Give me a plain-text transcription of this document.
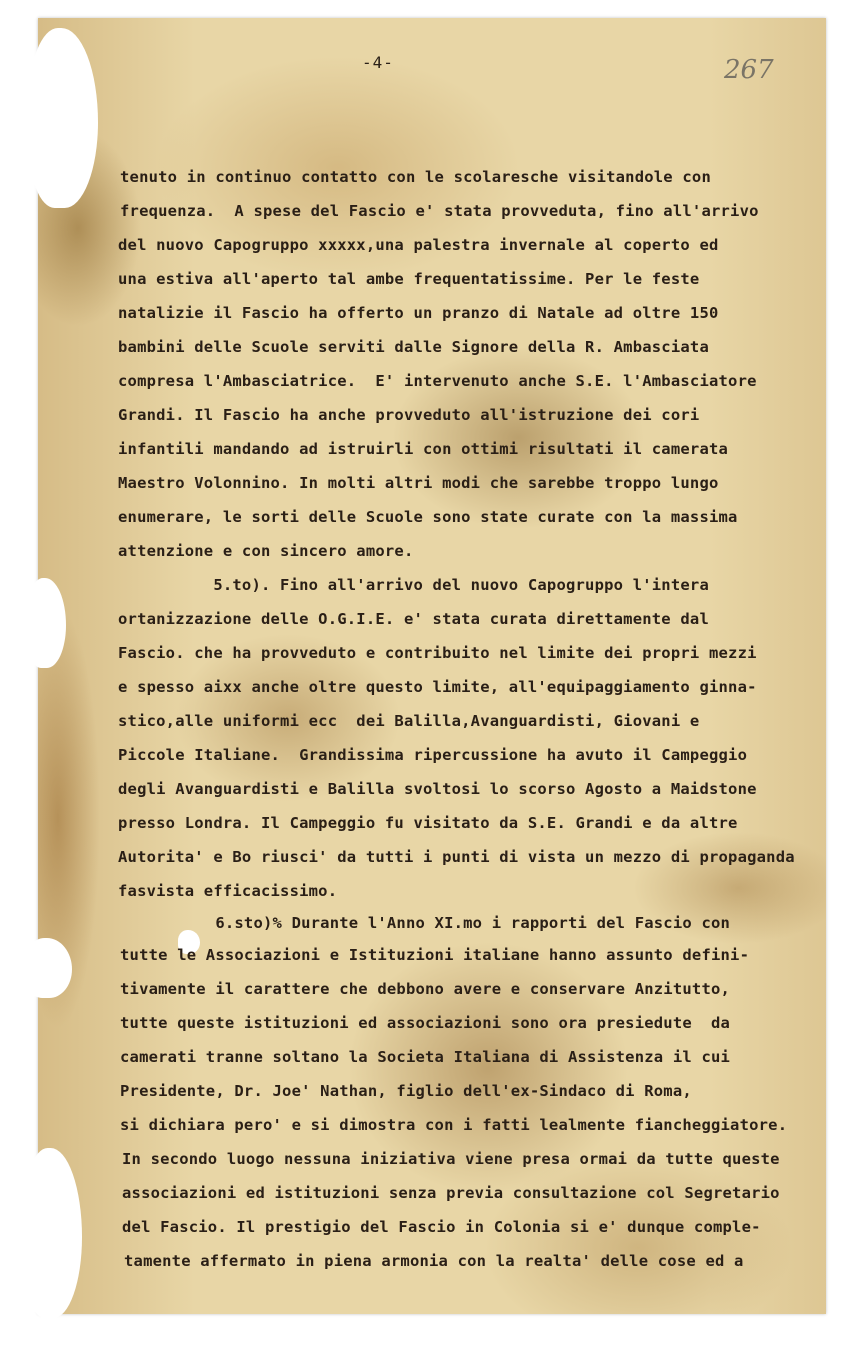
-4-	267
tenuto in continuo contatto con le scolaresche visitandole con
frequenza.  A spese del Fascio e' stata provveduta, fino all'arrivo
del nuovo Capogruppo xxxxx,una palestra invernale al coperto ed
una estiva all'aperto tal ambe frequentatissime. Per le feste
natalizie il Fascio ha offerto un pranzo di Natale ad oltre 150
bambini delle Scuole serviti dalle Signore della R. Ambasciata
compresa l'Ambasciatrice.  E' intervenuto anche S.E. l'Ambasciatore
Grandi. Il Fascio ha anche provveduto all'istruzione dei cori
infantili mandando ad istruirli con ottimi risultati il camerata
Maestro Volonnino. In molti altri modi che sarebbe troppo lungo
enumerare, le sorti delle Scuole sono state curate con la massima
attenzione e con sincero amore.
5.to). Fino all'arrivo del nuovo Capogruppo l'intera
ortanizzazione delle O.G.I.E. e' stata curata direttamente dal
Fascio. che ha provveduto e contribuito nel limite dei propri mezzi
e spesso aixx anche oltre questo limite, all'equipaggiamento ginna-
stico,alle uniformi ecc  dei Balilla,Avanguardisti, Giovani e
Piccole Italiane.  Grandissima ripercussione ha avuto il Campeggio
degli Avanguardisti e Balilla svoltosi lo scorso Agosto a Maidstone
presso Londra. Il Campeggio fu visitato da S.E. Grandi e da altre
Autorita' e Bo riusci' da tutti i punti di vista un mezzo di propaganda
fasvista efficacissimo.
6.sto)% Durante l'Anno XI.mo i rapporti del Fascio con
tutte le Associazioni e Istituzioni italiane hanno assunto defini-
tivamente il carattere che debbono avere e conservare Anzitutto,
tutte queste istituzioni ed associazioni sono ora presiedute  da
camerati tranne soltano la Societa Italiana di Assistenza il cui
Presidente, Dr. Joe' Nathan, figlio dell'ex-Sindaco di Roma,
si dichiara pero' e si dimostra con i fatti lealmente fiancheggiatore.
In secondo luogo nessuna iniziativa viene presa ormai da tutte queste
associazioni ed istituzioni senza previa consultazione col Segretario
del Fascio. Il prestigio del Fascio in Colonia si e' dunque comple-
tamente affermato in piena armonia con la realta' delle cose ed a
